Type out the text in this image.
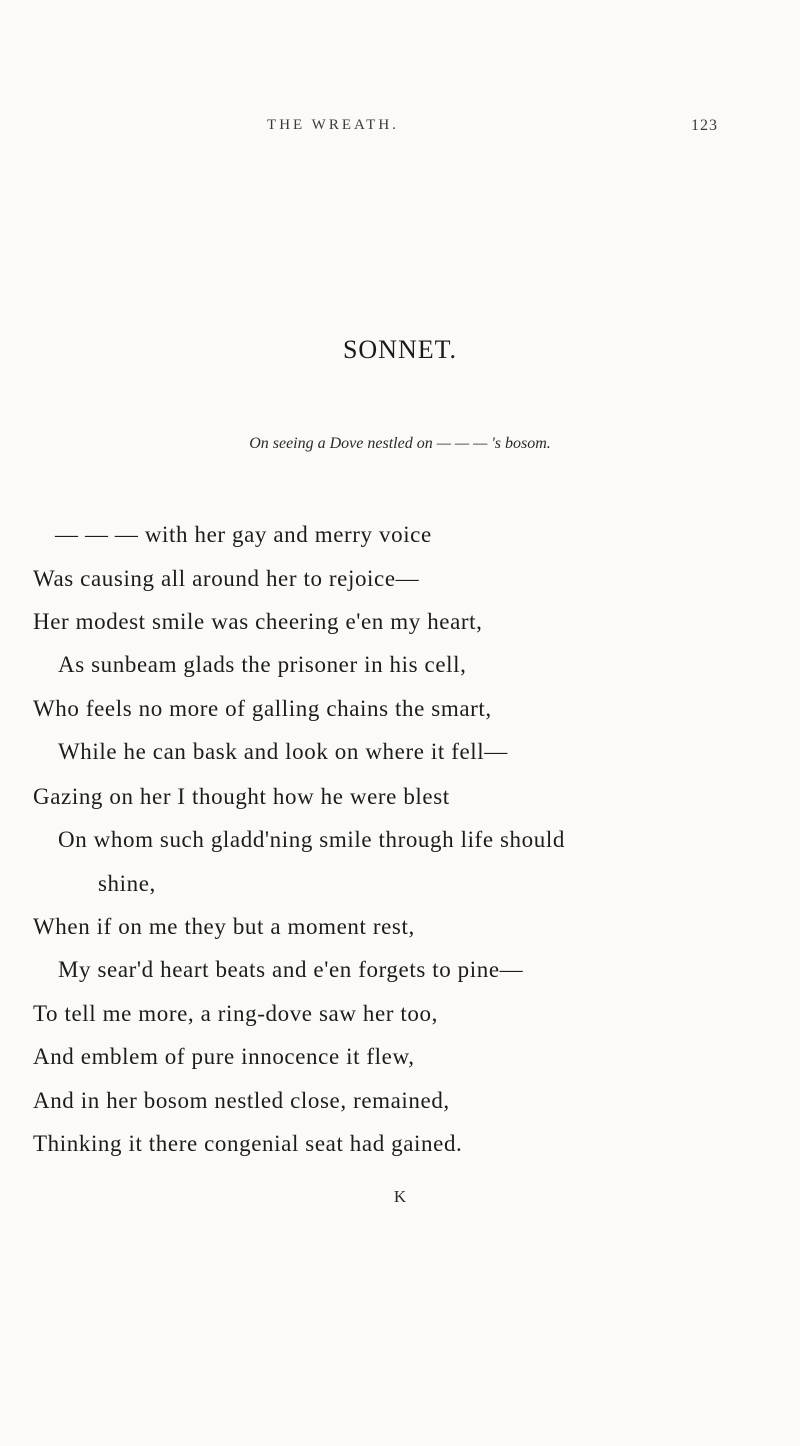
THE WREATH.	123
SONNET.
On seeing a Dove nestled on — — — 's bosom.
— — — with her gay and merry voice
Was causing all around her to rejoice—
Her modest smile was cheering e'en my heart,
As sunbeam glads the prisoner in his cell,
Who feels no more of galling chains the smart,
While he can bask and look on where it fell—
Gazing on her I thought how he were blest
On whom such gladd'ning smile through life should
shine,
When if on me they but a moment rest,
My sear'd heart beats and e'en forgets to pine—
To tell me more, a ring-dove saw her too,
And emblem of pure innocence it flew,
And in her bosom nestled close, remained,
Thinking it there congenial seat had gained.
K
